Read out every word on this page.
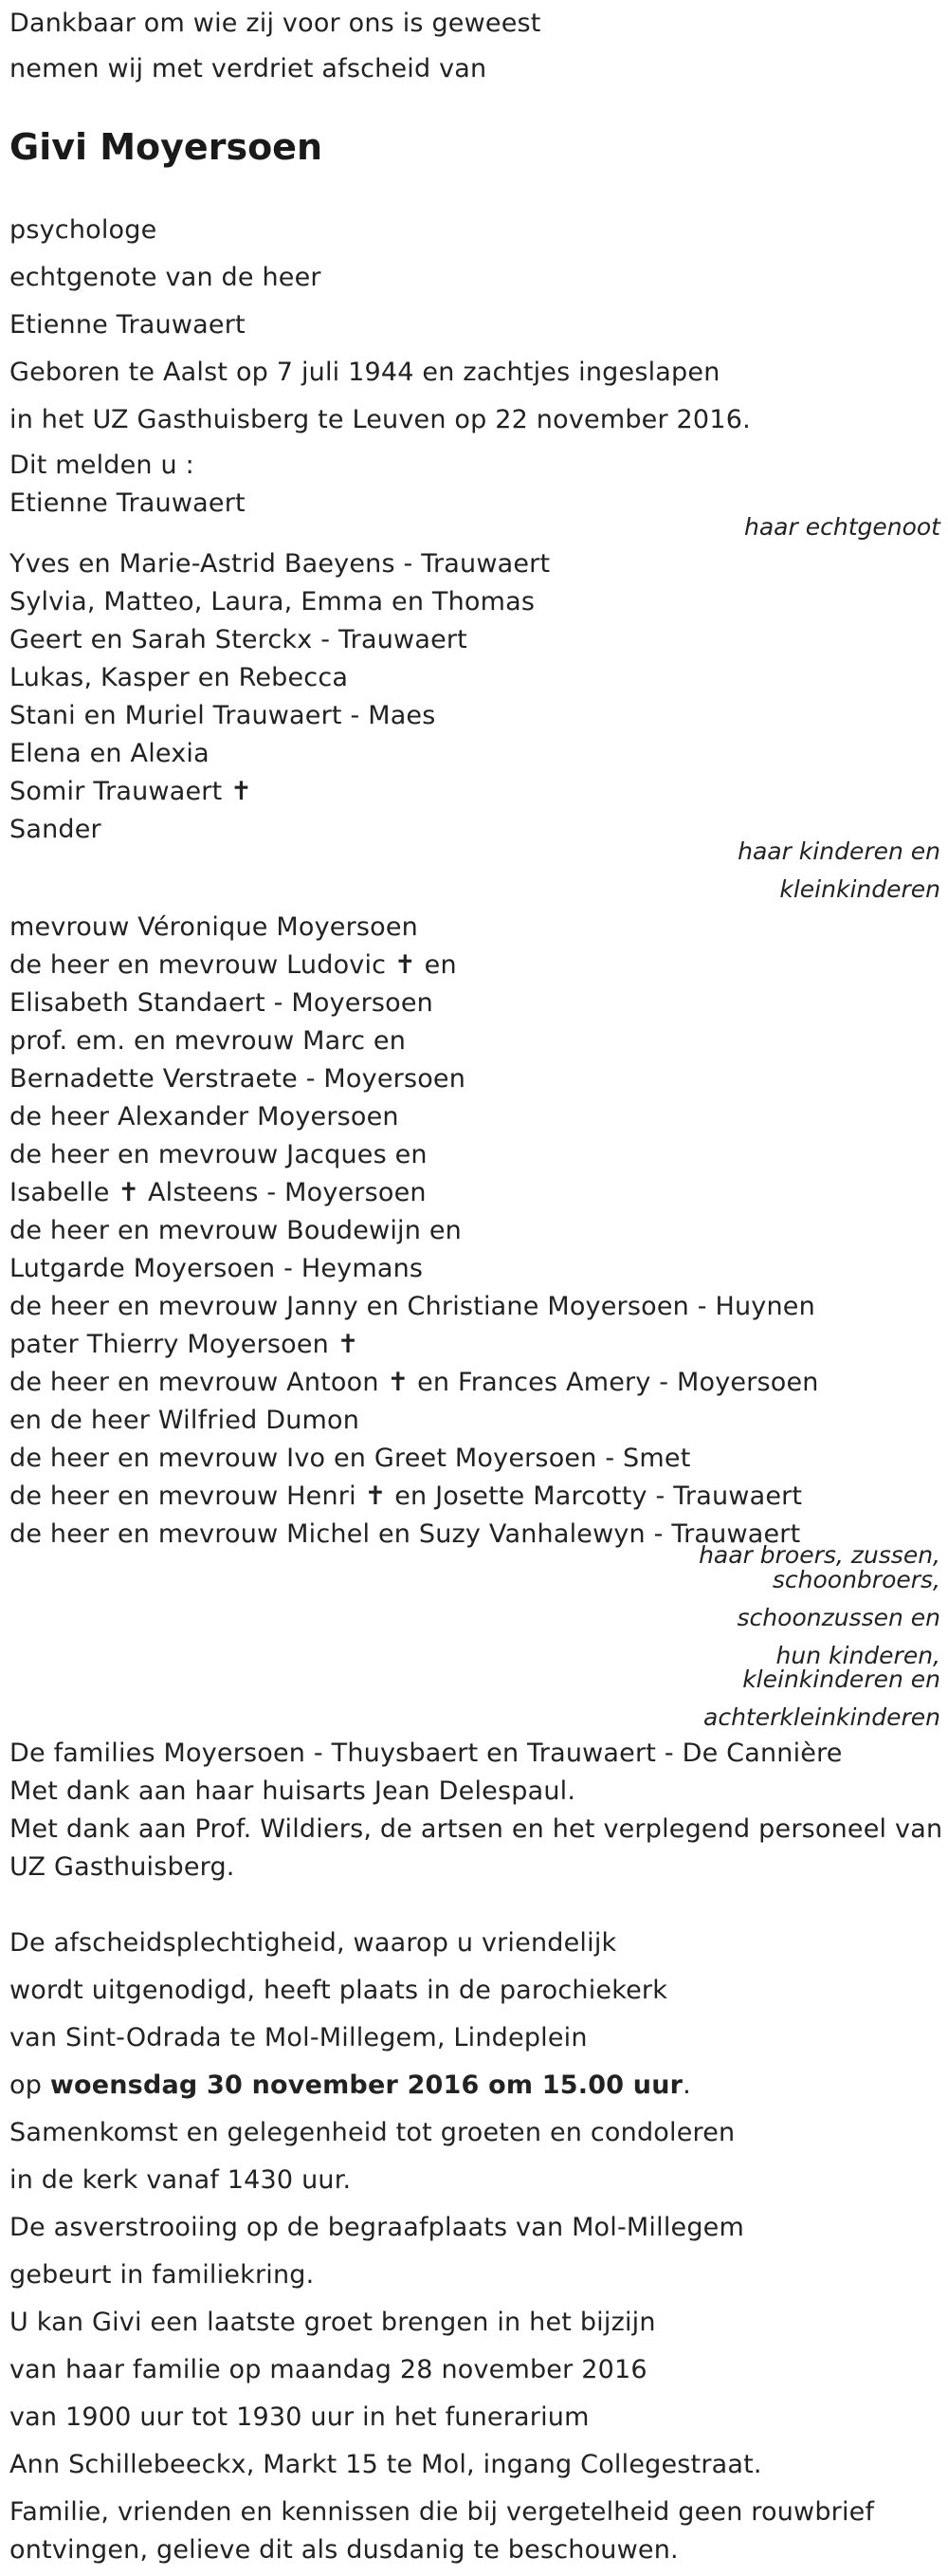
Dankbaar om wie zij voor ons is geweest
nemen wij met verdriet afscheid van
Givi Moyersoen
psychologe
echtgenote van de heer
Etienne Trauwaert
Geboren te Aalst op 7 juli 1944 en zachtjes ingeslapen
in het UZ Gasthuisberg te Leuven op 22 november 2016.
Dit melden u :
Etienne Trauwaert
haar echtgenoot
Yves en Marie-Astrid Baeyens - Trauwaert
Sylvia, Matteo, Laura, Emma en Thomas
Geert en Sarah Sterckx - Trauwaert
Lukas, Kasper en Rebecca
Stani en Muriel Trauwaert - Maes
Elena en Alexia
Somir Trauwaert ✝
Sander
haar kinderen en
kleinkinderen
mevrouw Véronique Moyersoen
de heer en mevrouw Ludovic ✝ en
Elisabeth Standaert - Moyersoen
prof. em. en mevrouw Marc en
Bernadette Verstraete - Moyersoen
de heer Alexander Moyersoen
de heer en mevrouw Jacques en
Isabelle ✝ Alsteens - Moyersoen
de heer en mevrouw Boudewijn en
Lutgarde Moyersoen - Heymans
de heer en mevrouw Janny en Christiane Moyersoen - Huynen
pater Thierry Moyersoen ✝
de heer en mevrouw Antoon ✝ en Frances Amery - Moyersoen
en de heer Wilfried Dumon
de heer en mevrouw Ivo en Greet Moyersoen - Smet
de heer en mevrouw Henri ✝ en Josette Marcotty - Trauwaert
de heer en mevrouw Michel en Suzy Vanhalewyn - Trauwaert
haar broers, zussen,
schoonbroers,
schoonzussen en
hun kinderen,
kleinkinderen en
achterkleinkinderen
De families Moyersoen - Thuysbaert en Trauwaert - De Cannière
Met dank aan haar huisarts Jean Delespaul.
Met dank aan Prof. Wildiers, de artsen en het verplegend personeel van
UZ Gasthuisberg.
De afscheidsplechtigheid, waarop u vriendelijk
wordt uitgenodigd, heeft plaats in de parochiekerk
van Sint-Odrada te Mol-Millegem, Lindeplein
op woensdag 30 november 2016 om 15.00 uur.
Samenkomst en gelegenheid tot groeten en condoleren
in de kerk vanaf 1430 uur.
De asverstrooiing op de begraafplaats van Mol-Millegem
gebeurt in familiekring.
U kan Givi een laatste groet brengen in het bijzijn
van haar familie op maandag 28 november 2016
van 1900 uur tot 1930 uur in het funerarium
Ann Schillebeeckx, Markt 15 te Mol, ingang Collegestraat.
Familie, vrienden en kennissen die bij vergetelheid geen rouwbrief
ontvingen, gelieve dit als dusdanig te beschouwen.
